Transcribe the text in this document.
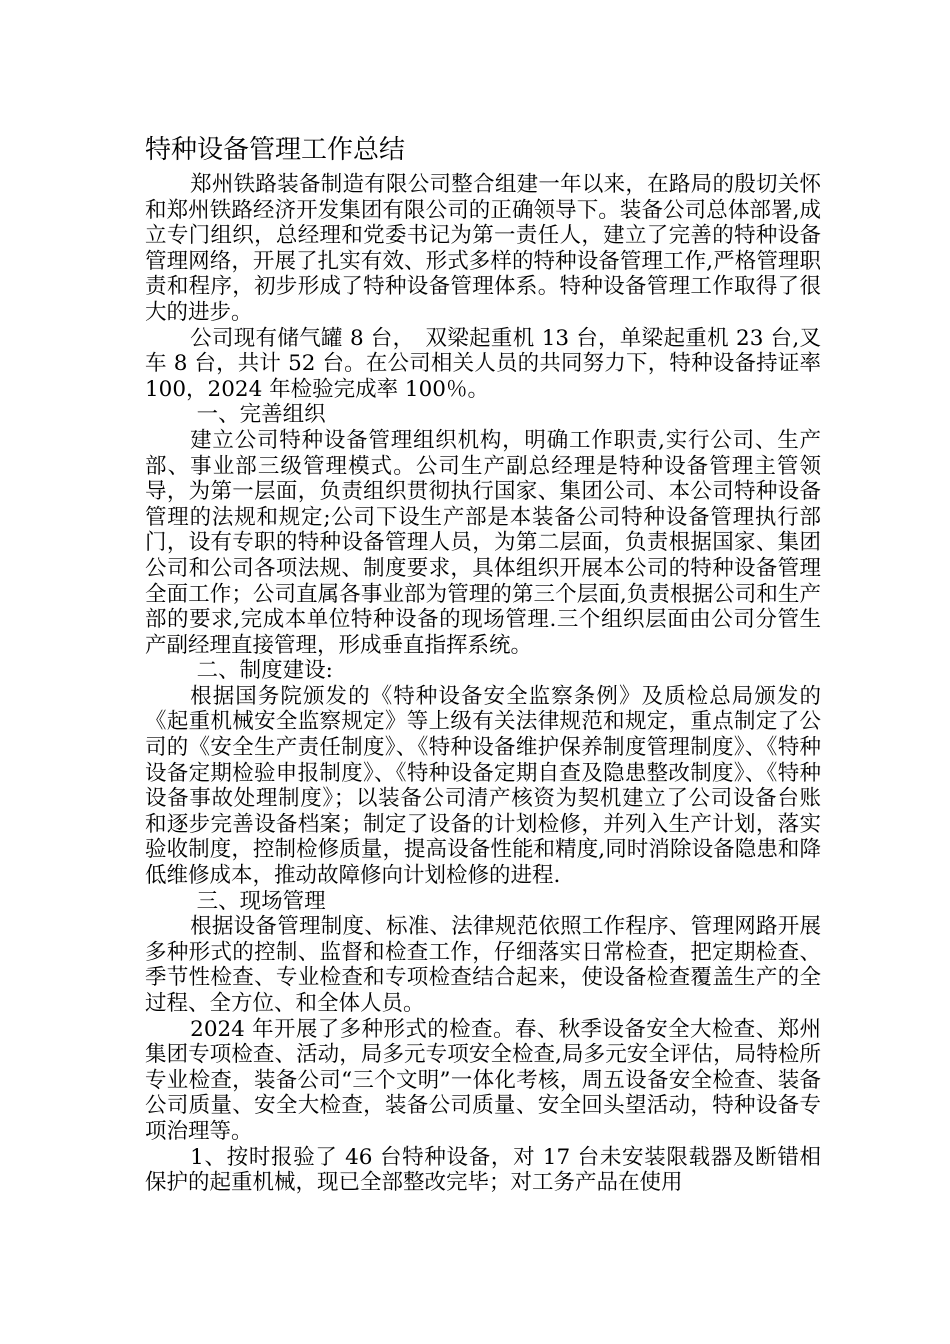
特种设备管理工作总结

郑州铁路装备制造有限公司整合组建一年以来，在路局的殷切关怀和郑州铁路经济开发集团有限公司的正确领导下。装备公司总体部署,成立专门组织，总经理和党委书记为第一责任人，建立了完善的特种设备管理网络，开展了扎实有效、形式多样的特种设备管理工作,严格管理职责和程序，初步形成了特种设备管理体系。特种设备管理工作取得了很大的进步。

公司现有储气罐 8 台，　双梁起重机 13 台，单梁起重机 23 台,叉车 8 台，共计 52 台。在公司相关人员的共同努力下，特种设备持证率 100，2024 年检验完成率 100％。

一、完善组织

建立公司特种设备管理组织机构，明确工作职责,实行公司、生产部、事业部三级管理模式。公司生产副总经理是特种设备管理主管领导，为第一层面，负责组织贯彻执行国家、集团公司、本公司特种设备管理的法规和规定;公司下设生产部是本装备公司特种设备管理执行部门，设有专职的特种设备管理人员，为第二层面，负责根据国家、集团公司和公司各项法规、制度要求，具体组织开展本公司的特种设备管理全面工作；公司直属各事业部为管理的第三个层面,负责根据公司和生产部的要求,完成本单位特种设备的现场管理.三个组织层面由公司分管生产副经理直接管理，形成垂直指挥系统。

二、制度建设:

根据国务院颁发的《特种设备安全监察条例》及质检总局颁发的《起重机械安全监察规定》等上级有关法律规范和规定，重点制定了公司的《安全生产责任制度》、《特种设备维护保养制度管理制度》、《特种设备定期检验申报制度》、《特种设备定期自查及隐患整改制度》、《特种设备事故处理制度》；以装备公司清产核资为契机建立了公司设备台账和逐步完善设备档案；制定了设备的计划检修，并列入生产计划，落实验收制度，控制检修质量，提高设备性能和精度,同时消除设备隐患和降低维修成本，推动故障修向计划检修的进程.

三、现场管理

根据设备管理制度、标准、法律规范依照工作程序、管理网路开展多种形式的控制、监督和检查工作，仔细落实日常检查，把定期检查、季节性检查、专业检查和专项检查结合起来，使设备检查覆盖生产的全过程、全方位、和全体人员。

2024 年开展了多种形式的检查。春、秋季设备安全大检查、郑州集团专项检查、活动，局多元专项安全检查,局多元安全评估，局特检所专业检查，装备公司“三个文明”一体化考核，周五设备安全检查、装备公司质量、安全大检查，装备公司质量、安全回头望活动，特种设备专项治理等。

1、按时报验了 46 台特种设备，对 17 台未安装限载器及断错相保护的起重机械，现已全部整改完毕；对工务产品在使用
